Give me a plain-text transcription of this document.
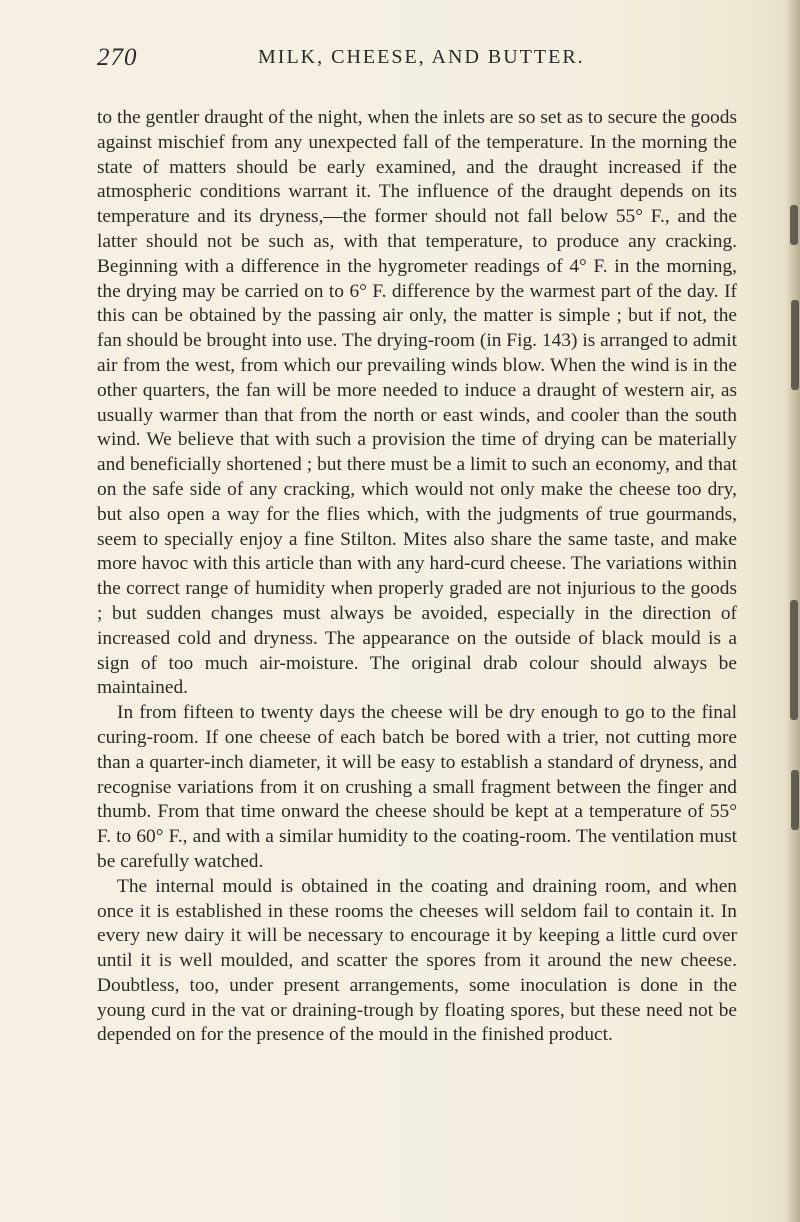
270	MILK, CHEESE, AND BUTTER.

to the gentler draught of the night, when the inlets are so set as to secure the goods against mischief from any unexpected fall of the temperature. In the morning the state of matters should be early examined, and the draught increased if the atmospheric conditions warrant it. The influence of the draught depends on its temperature and its dryness,—the former should not fall below 55° F., and the latter should not be such as, with that temperature, to produce any cracking. Beginning with a difference in the hygrometer readings of 4° F. in the morning, the drying may be carried on to 6° F. difference by the warmest part of the day. If this can be obtained by the passing air only, the matter is simple ; but if not, the fan should be brought into use. The drying-room (in Fig. 143) is arranged to admit air from the west, from which our prevailing winds blow. When the wind is in the other quarters, the fan will be more needed to induce a draught of western air, as usually warmer than that from the north or east winds, and cooler than the south wind. We believe that with such a provision the time of drying can be materially and beneficially shortened ; but there must be a limit to such an economy, and that on the safe side of any cracking, which would not only make the cheese too dry, but also open a way for the flies which, with the judgments of true gourmands, seem to specially enjoy a fine Stilton. Mites also share the same taste, and make more havoc with this article than with any hard-curd cheese. The variations within the correct range of humidity when properly graded are not injurious to the goods ; but sudden changes must always be avoided, especially in the direction of increased cold and dryness. The appearance on the outside of black mould is a sign of too much air-moisture. The original drab colour should always be maintained.

In from fifteen to twenty days the cheese will be dry enough to go to the final curing-room. If one cheese of each batch be bored with a trier, not cutting more than a quarter-inch diameter, it will be easy to establish a standard of dryness, and recognise variations from it on crushing a small fragment between the finger and thumb. From that time onward the cheese should be kept at a temperature of 55° F. to 60° F., and with a similar humidity to the coating-room. The ventilation must be carefully watched.

The internal mould is obtained in the coating and draining room, and when once it is established in these rooms the cheeses will seldom fail to contain it. In every new dairy it will be necessary to encourage it by keeping a little curd over until it is well moulded, and scatter the spores from it around the new cheese. Doubtless, too, under present arrangements, some inoculation is done in the young curd in the vat or draining-trough by floating spores, but these need not be depended on for the presence of the mould in the finished product.
